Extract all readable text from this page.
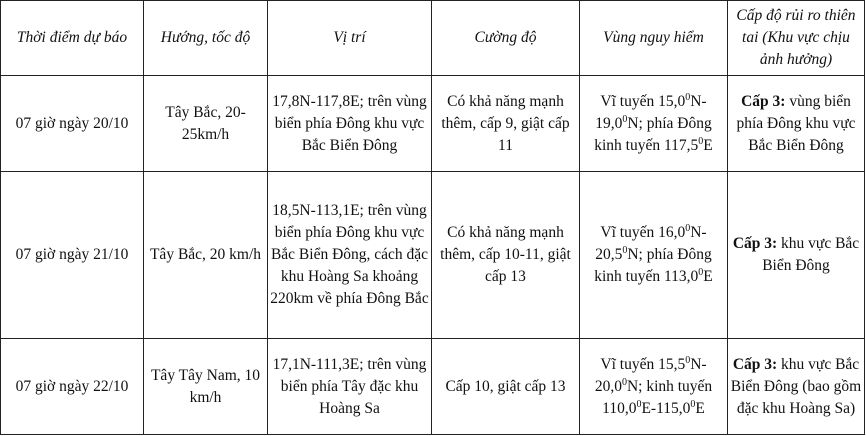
Thời điểm dự báo	Hướng, tốc độ	Vị trí	Cường độ	Vùng nguy hiểm	Cấp độ rủi ro thiên tai (Khu vực chịu ảnh hưởng)
07 giờ ngày 20/10	Tây Bắc, 20-25km/h	17,8N-117,8E; trên vùng biển phía Đông khu vực Bắc Biển Đông	Có khả năng mạnh thêm, cấp 9, giật cấp 11	Vĩ tuyến 15,0$^0$N-19,0$^0$N; phía Đông kinh tuyến 117,5$^0$E	Cấp 3: vùng biển phía Đông khu vực Bắc Biển Đông
07 giờ ngày 21/10	Tây Bắc, 20 km/h	18,5N-113,1E; trên vùng biển phía Đông khu vực Bắc Biển Đông, cách đặc khu Hoàng Sa khoảng 220km về phía Đông Bắc	Có khả năng mạnh thêm, cấp 10-11, giật cấp 13	Vĩ tuyến 16,0$^0$N-20,5$^0$N; phía Đông kinh tuyến 113,0$^0$E	Cấp 3: khu vực Bắc Biển Đông
07 giờ ngày 22/10	Tây Tây Nam, 10 km/h	17,1N-111,3E; trên vùng biển phía Tây đặc khu Hoàng Sa	Cấp 10, giật cấp 13	Vĩ tuyến 15,5$^0$N-20,0$^0$N; kinh tuyến 110,0$^0$E-115,0$^0$E	Cấp 3: khu vực Bắc Biển Đông (bao gồm đặc khu Hoàng Sa)
